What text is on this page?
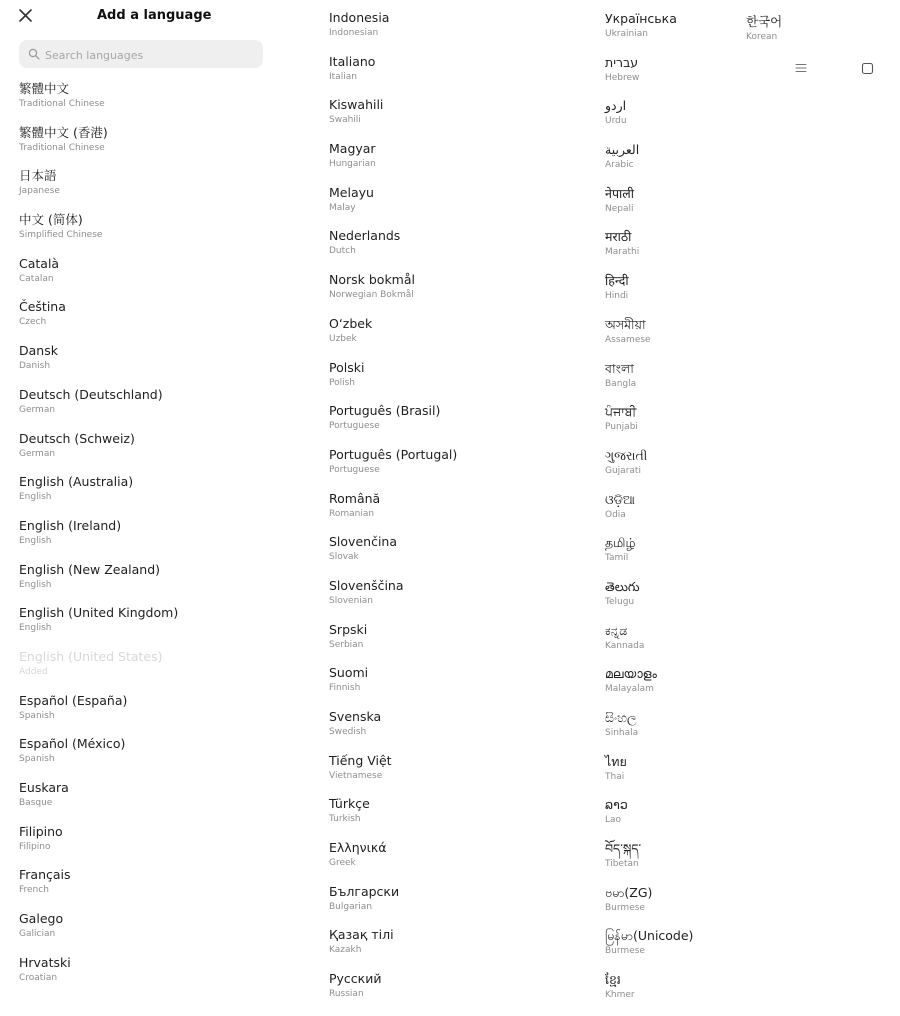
Add a language
Search languages
繁體中文
Traditional Chinese
繁體中文 (香港)
Traditional Chinese
日本語
Japanese
中文 (简体)
Simplified Chinese
Català
Catalan
Čeština
Czech
Dansk
Danish
Deutsch (Deutschland)
German
Deutsch (Schweiz)
German
English (Australia)
English
English (Ireland)
English
English (New Zealand)
English
English (United Kingdom)
English
English (United States)
Added
Español (España)
Spanish
Español (México)
Spanish
Euskara
Basque
Filipino
Filipino
Français
French
Galego
Galician
Hrvatski
Croatian
Indonesia
Indonesian
Italiano
Italian
Kiswahili
Swahili
Magyar
Hungarian
Melayu
Malay
Nederlands
Dutch
Norsk bokmål
Norwegian Bokmål
O‘zbek
Uzbek
Polski
Polish
Português (Brasil)
Portuguese
Português (Portugal)
Portuguese
Română
Romanian
Slovenčina
Slovak
Slovenščina
Slovenian
Srpski
Serbian
Suomi
Finnish
Svenska
Swedish
Tiếng Việt
Vietnamese
Türkçe
Turkish
Ελληνικά
Greek
Български
Bulgarian
Қазақ тілі
Kazakh
Русский
Russian
Українська
Ukrainian
עברית
Hebrew
اردو
Urdu
العربية
Arabic
नेपाली
Nepali
मराठी
Marathi
हिन्दी
Hindi
অসমীয়া
Assamese
বাংলা
Bangla
ਪੰਜਾਬੀ
Punjabi
ગુજરાતી
Gujarati
ଓଡ଼ିଆ
Odia
தமிழ்
Tamil
తెలుగు
Telugu
ಕನ್ನಡ
Kannada
മലയാളം
Malayalam
සිංහල
Sinhala
ไทย
Thai
ລາວ
Lao
བོད་སྐད་
Tibetan
ဗမာ(ZG)
Burmese
မြန်မာ(Unicode)
Burmese
ខ្មែរ
Khmer
한국어
Korean
